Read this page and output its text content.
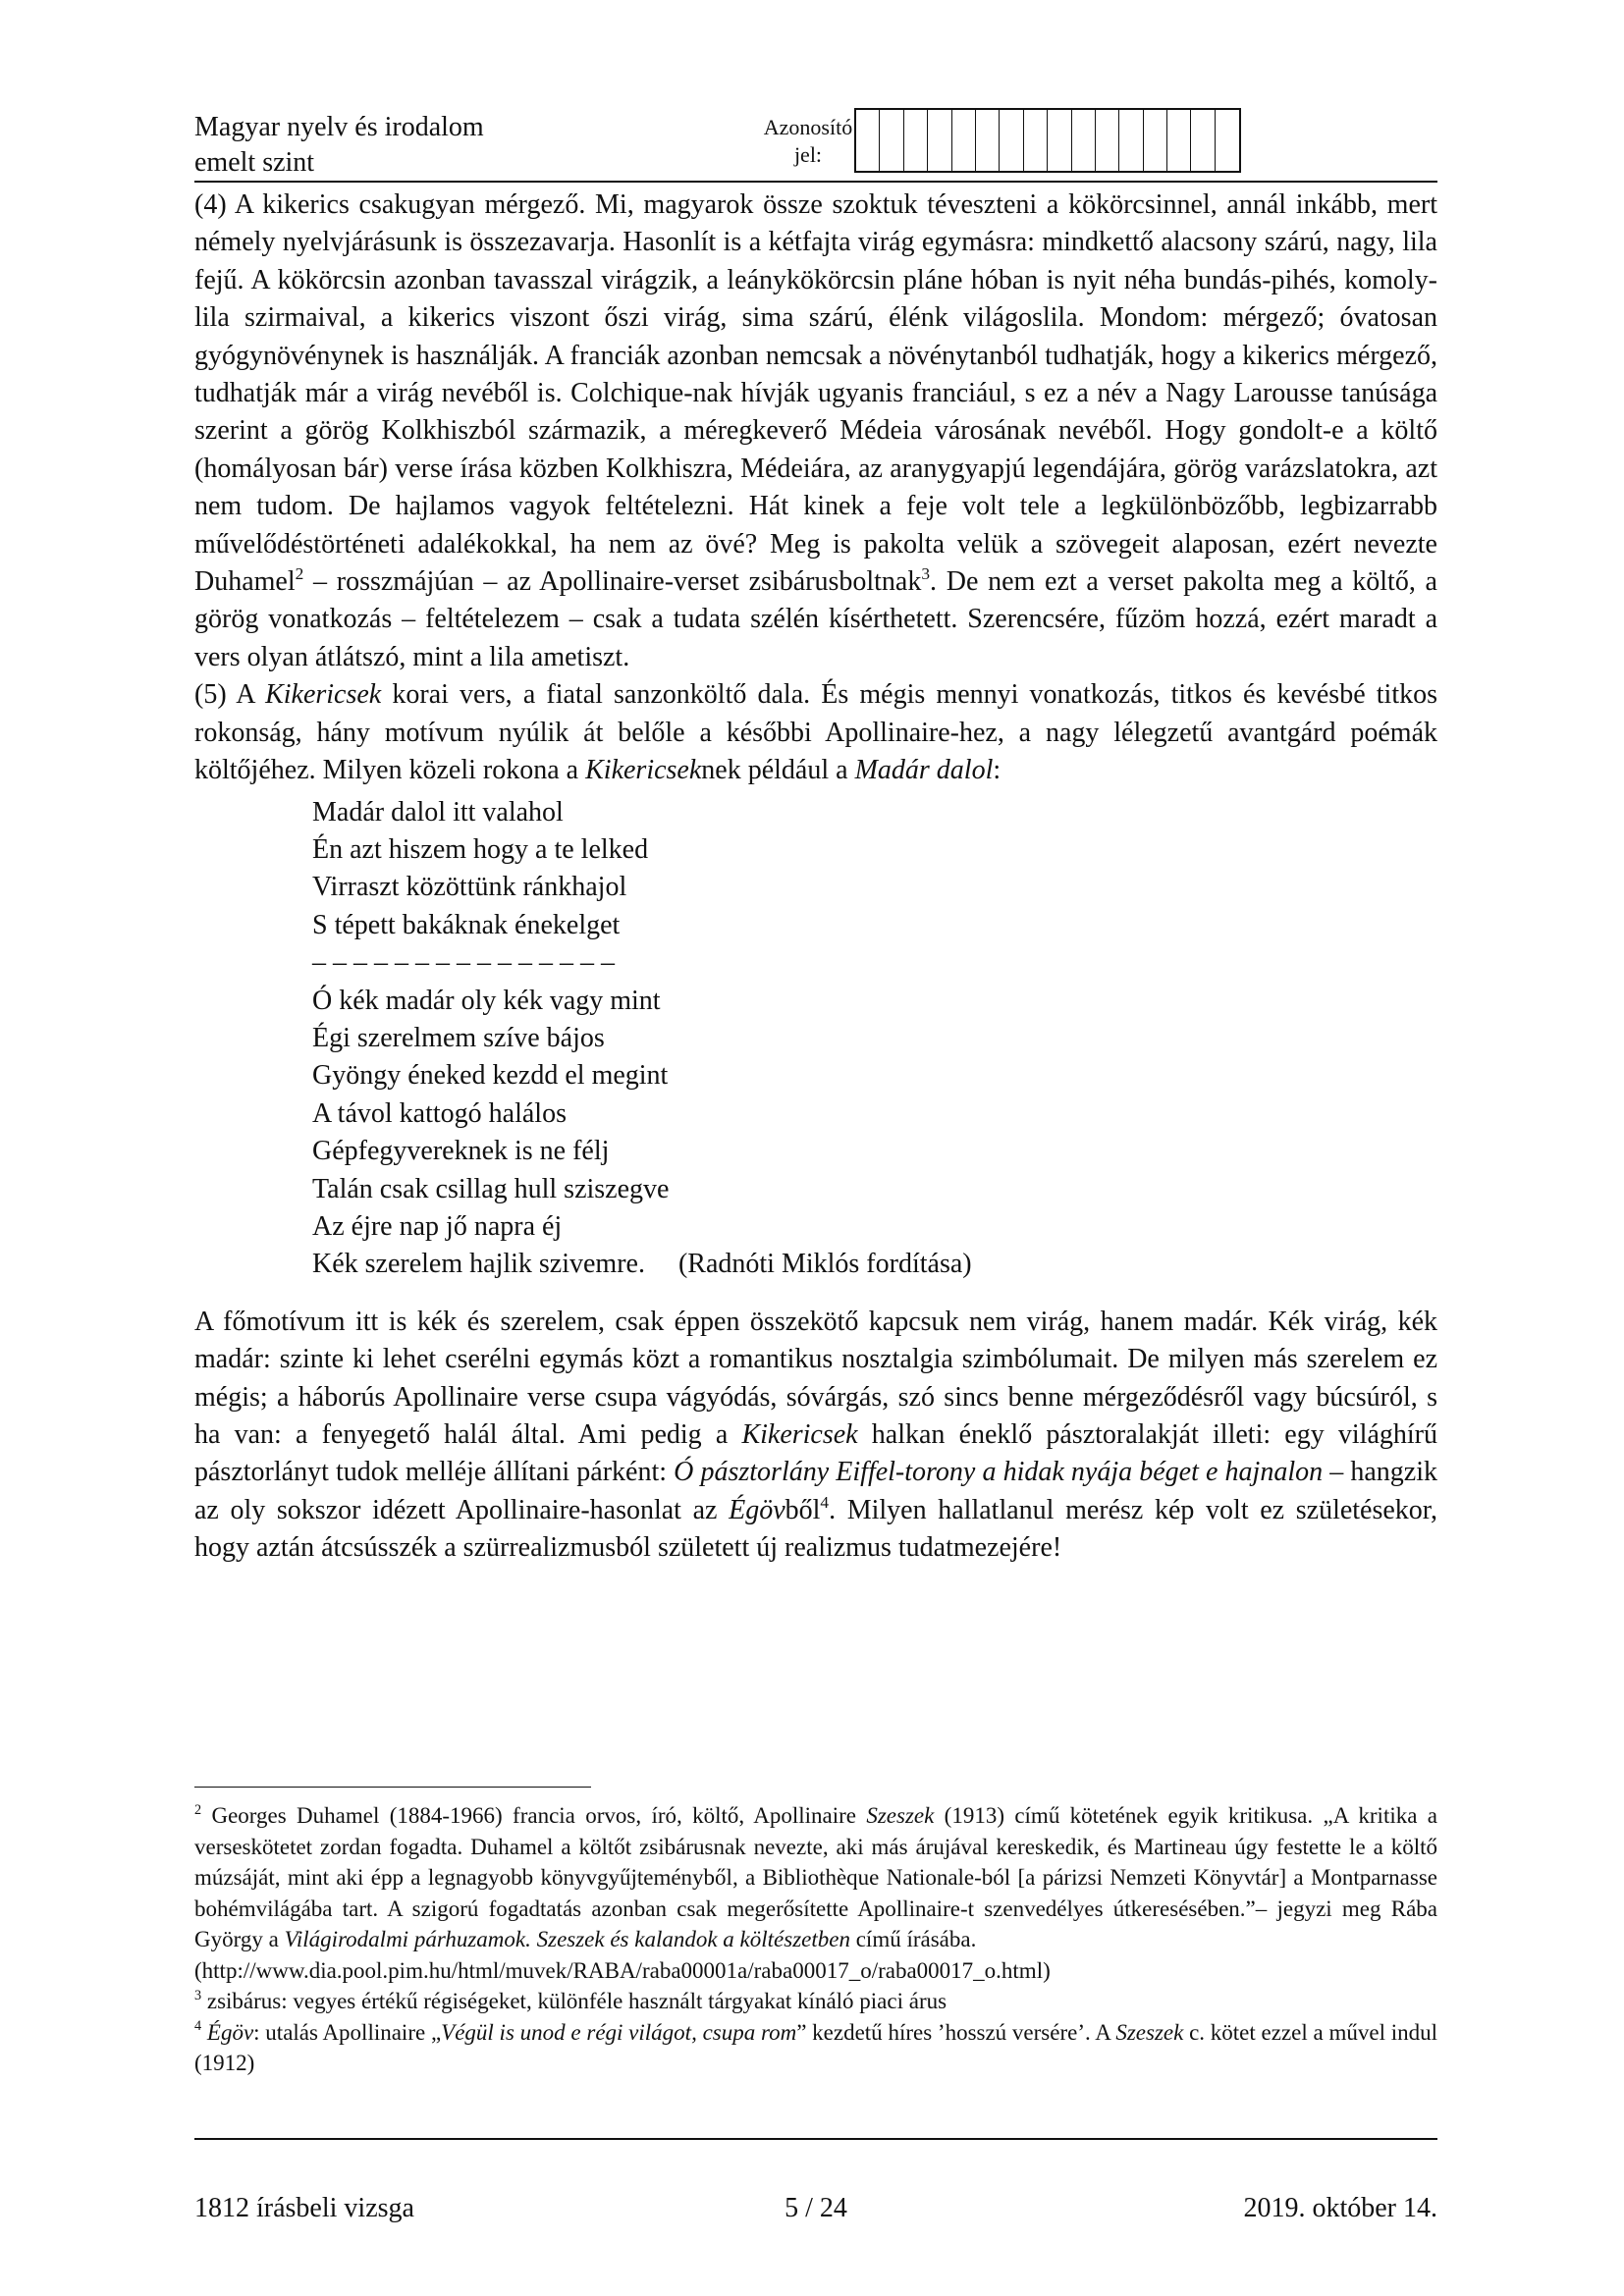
Magyar nyelv és irodalom
emelt szint
Azonosító
jel:

(4) A kikerics csakugyan mérgező. Mi, magyarok össze szoktuk téveszteni a kökörcsinnel, annál inkább, mert némely nyelvjárásunk is összezavarja. Hasonlít is a kétfajta virág egymásra: mindkettő alacsony szárú, nagy, lila fejű. A kökörcsin azonban tavasszal virágzik, a leánykökörcsin pláne hóban is nyit néha bundás-pihés, komoly-lila szirmaival, a kikerics viszont őszi virág, sima szárú, élénk világoslila. Mondom: mérgező; óvatosan gyógynövénynek is használják. A franciák azonban nemcsak a növénytanból tudhatják, hogy a kikerics mérgező, tudhatják már a virág nevéből is. Colchique-nak hívják ugyanis franciául, s ez a név a Nagy Larousse tanúsága szerint a görög Kolkhiszból származik, a méregkeverő Médeia városának nevéből. Hogy gondolt-e a költő (homályosan bár) verse írása közben Kolkhiszra, Médeiára, az aranygyapjú legendájára, görög varázslatokra, azt nem tudom. De hajlamos vagyok feltételezni. Hát kinek a feje volt tele a legkülönbözőbb, legbizarrabb művelődéstörténeti adalékokkal, ha nem az övé? Meg is pakolta velük a szövegeit alaposan, ezért nevezte Duhamel$^2$ – rosszmájúan – az Apollinaire-verset zsibárusboltnak$^3$. De nem ezt a verset pakolta meg a költő, a görög vonatkozás – feltételezem – csak a tudata szélén kísérthetett. Szerencsére, fűzöm hozzá, ezért maradt a vers olyan átlátszó, mint a lila ametiszt.

(5) A Kikericsek korai vers, a fiatal sanzonköltő dala. És mégis mennyi vonatkozás, titkos és kevésbé titkos rokonság, hány motívum nyúlik át belőle a későbbi Apollinaire-hez, a nagy lélegzetű avantgárd poémák költőjéhez. Milyen közeli rokona a Kikericseknek például a Madár dalol:

Madár dalol itt valahol
Én azt hiszem hogy a te lelked
Virraszt közöttünk ránkhajol
S tépett bakáknak énekelget
– – – – – – – – – – – – – – –
Ó kék madár oly kék vagy mint
Égi szerelmem szíve bájos
Gyöngy éneked kezdd el megint
A távol kattogó halálos
Gépfegyvereknek is ne félj
Talán csak csillag hull sziszegve
Az éjre nap jő napra éj
Kék szerelem hajlik szivemre. (Radnóti Miklós fordítása)

A főmotívum itt is kék és szerelem, csak éppen összekötő kapcsuk nem virág, hanem madár. Kék virág, kék madár: szinte ki lehet cserélni egymás közt a romantikus nosztalgia szimbólumait. De milyen más szerelem ez mégis; a háborús Apollinaire verse csupa vágyódás, sóvárgás, szó sincs benne mérgeződésről vagy búcsúról, s ha van: a fenyegető halál által. Ami pedig a Kikericsek halkan éneklő pásztoralakját illeti: egy világhírű pásztorlányt tudok melléje állítani párként: Ó pásztorlány Eiffel-torony a hidak nyája béget e hajnalon – hangzik az oly sokszor idézett Apollinaire-hasonlat az Égövből$^4$. Milyen hallatlanul merész kép volt ez születésekor, hogy aztán átcsússzék a szürrealizmusból született új realizmus tudatmezejére!

$^2$ Georges Duhamel (1884-1966) francia orvos, író, költő, Apollinaire Szeszek (1913) című kötetének egyik kritikusa. „A kritika a verseskötetet zordan fogadta. Duhamel a költőt zsibárusnak nevezte, aki más árujával kereskedik, és Martineau úgy festette le a költő múzsáját, mint aki épp a legnagyobb könyvgyűjteményből, a Bibliothèque Nationale-ból [a párizsi Nemzeti Könyvtár] a Montparnasse bohémvilágába tart. A szigorú fogadtatás azonban csak megerősítette Apollinaire-t szenvedélyes útkeresésében.”– jegyzi meg Rába György a Világirodalmi párhuzamok. Szeszek és kalandok a költészetben című írásába.

(http://www.dia.pool.pim.hu/html/muvek/RABA/raba00001a/raba00017_o/raba00017_o.html)

$^3$ zsibárus: vegyes értékű régiségeket, különféle használt tárgyakat kínáló piaci árus

$^4$ Égöv: utalás Apollinaire „Végül is unod e régi világot, csupa rom” kezdetű híres ’hosszú versére’. A Szeszek c. kötet ezzel a művel indul (1912)

1812 írásbeli vizsga	5 / 24	2019. október 14.
